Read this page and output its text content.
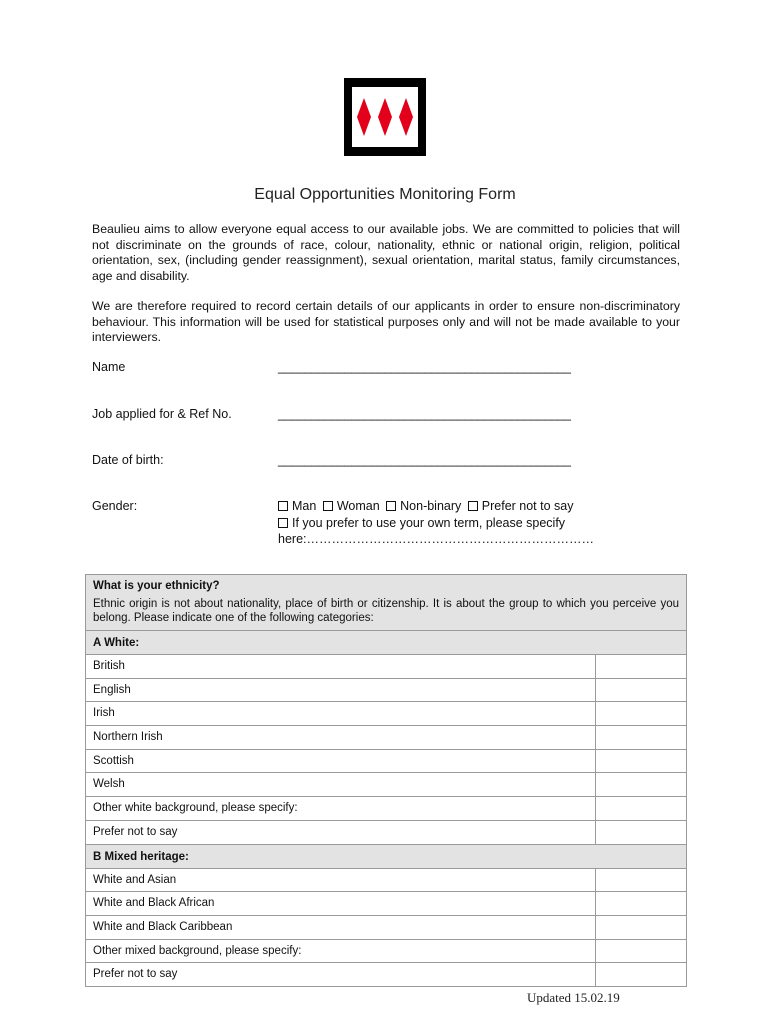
Equal Opportunities Monitoring Form

Beaulieu aims to allow everyone equal access to our available jobs. We are committed to policies that will not discriminate on the grounds of race, colour, nationality, ethnic or national origin, religion, political orientation, sex, (including gender reassignment), sexual orientation, marital status, family circumstances, age and disability.

We are therefore required to record certain details of our applicants in order to ensure non-discriminatory behaviour. This information will be used for statistical purposes only and will not be made available to your interviewers.

Name	____________________________________________
Job applied for & Ref No.	____________________________________________
Date of birth:	____________________________________________
Gender:	Man Woman Non-binary Prefer not to say
If you prefer to use your own term, please specify
here:……………………………………………………………
What is your ethnicity?
Ethnic origin is not about nationality, place of birth or citizenship. It is about the group to which you perceive you belong. Please indicate one of the following categories:
A White:
British
English
Irish
Northern Irish
Scottish
Welsh
Other white background, please specify:
Prefer not to say
B Mixed heritage:
White and Asian
White and Black African
White and Black Caribbean
Other mixed background, please specify:
Prefer not to say
Updated 15.02.19
